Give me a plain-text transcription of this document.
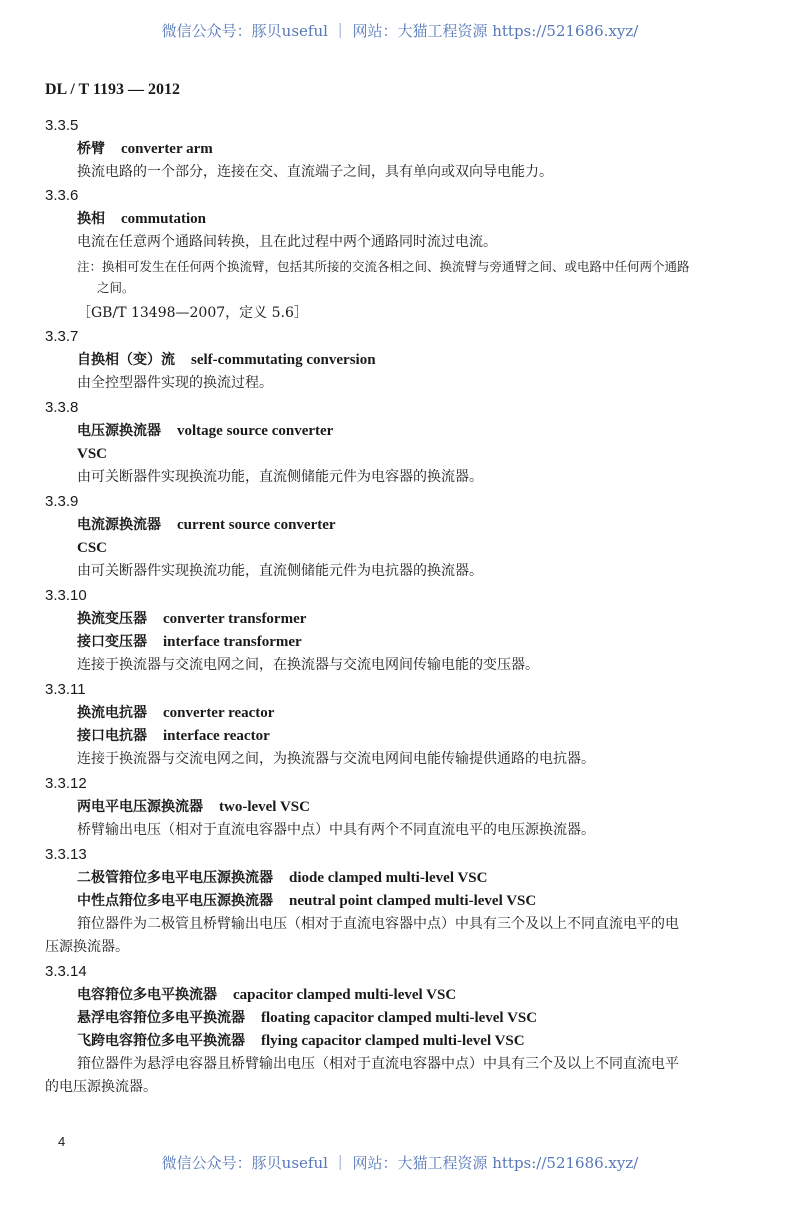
微信公众号：豚贝useful ｜ 网站：大猫工程资源 https://521686.xyz/
DL / T 1193 — 2012
3.3.5
桥臂 converter arm
换流电路的一个部分，连接在交、直流端子之间，具有单向或双向导电能力。
3.3.6
换相 commutation
电流在任意两个通路间转换，且在此过程中两个通路同时流过电流。
注：换相可发生在任何两个换流臂，包括其所接的交流各相之间、换流臂与旁通臂之间、或电路中任何两个通路
之间。
［GB/T 13498—2007，定义 5.6］
3.3.7
自换相（变）流 self-commutating conversion
由全控型器件实现的换流过程。
3.3.8
电压源换流器 voltage source converter
VSC
由可关断器件实现换流功能，直流侧储能元件为电容器的换流器。
3.3.9
电流源换流器 current source converter
CSC
由可关断器件实现换流功能，直流侧储能元件为电抗器的换流器。
3.3.10
换流变压器 converter transformer
接口变压器 interface transformer
连接于换流器与交流电网之间，在换流器与交流电网间传输电能的变压器。
3.3.11
换流电抗器 converter reactor
接口电抗器 interface reactor
连接于换流器与交流电网之间，为换流器与交流电网间电能传输提供通路的电抗器。
3.3.12
两电平电压源换流器 two-level VSC
桥臂输出电压（相对于直流电容器中点）中具有两个不同直流电平的电压源换流器。
3.3.13
二极管箝位多电平电压源换流器 diode clamped multi-level VSC
中性点箝位多电平电压源换流器 neutral point clamped multi-level VSC
箝位器件为二极管且桥臂输出电压（相对于直流电容器中点）中具有三个及以上不同直流电平的电
压源换流器。
3.3.14
电容箝位多电平换流器 capacitor clamped multi-level VSC
悬浮电容箝位多电平换流器 floating capacitor clamped multi-level VSC
飞跨电容箝位多电平换流器 flying capacitor clamped multi-level VSC
箝位器件为悬浮电容器且桥臂输出电压（相对于直流电容器中点）中具有三个及以上不同直流电平
的电压源换流器。
4
微信公众号：豚贝useful ｜ 网站：大猫工程资源 https://521686.xyz/
